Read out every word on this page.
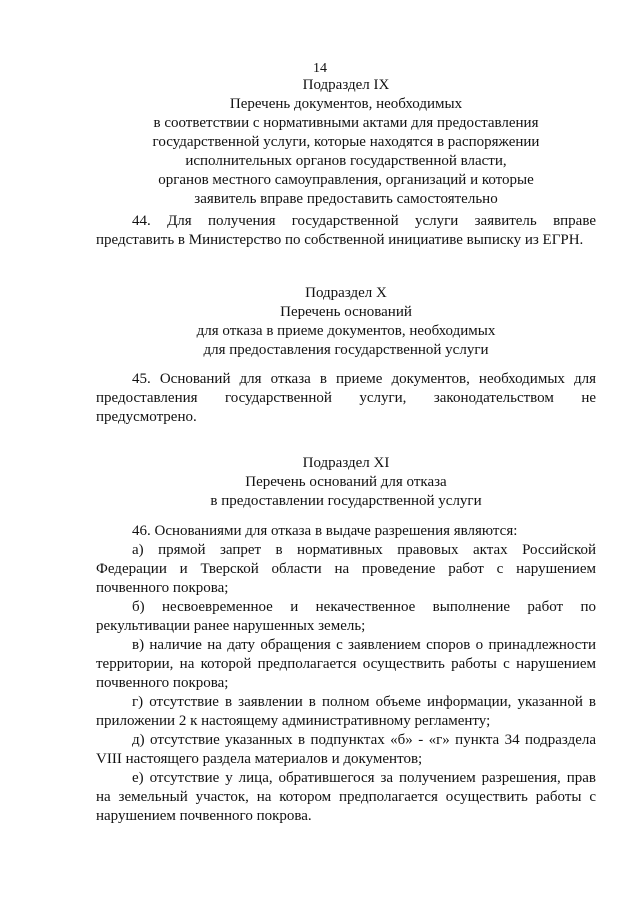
14
Подраздел IX
Перечень документов, необходимых
в соответствии с нормативными актами для предоставления
государственной услуги, которые находятся в распоряжении
исполнительных органов государственной власти,
органов местного самоуправления, организаций и которые
заявитель вправе предоставить самостоятельно
44. Для получения государственной услуги заявитель вправе
представить в Министерство по собственной инициативе выписку из ЕГРН.
Подраздел X
Перечень оснований
для отказа в приеме документов, необходимых
для предоставления государственной услуги
45. Оснований для отказа в приеме документов, необходимых для
предоставления государственной услуги, законодательством не
предусмотрено.
Подраздел XI
Перечень оснований для отказа
в предоставлении государственной услуги
46. Основаниями для отказа в выдаче разрешения являются:
а) прямой запрет в нормативных правовых актах Российской
Федерации и Тверской области на проведение работ с нарушением
почвенного покрова;
б) несвоевременное и некачественное выполнение работ по
рекультивации ранее нарушенных земель;
в) наличие на дату обращения с заявлением споров о принадлежности
территории, на которой предполагается осуществить работы с нарушением
почвенного покрова;
г) отсутствие в заявлении в полном объеме информации, указанной в
приложении 2 к настоящему административному регламенту;
д) отсутствие указанных в подпунктах «б» - «г» пункта 34 подраздела
VIII настоящего раздела материалов и документов;
е) отсутствие у лица, обратившегося за получением разрешения, прав
на земельный участок, на котором предполагается осуществить работы с
нарушением почвенного покрова.
